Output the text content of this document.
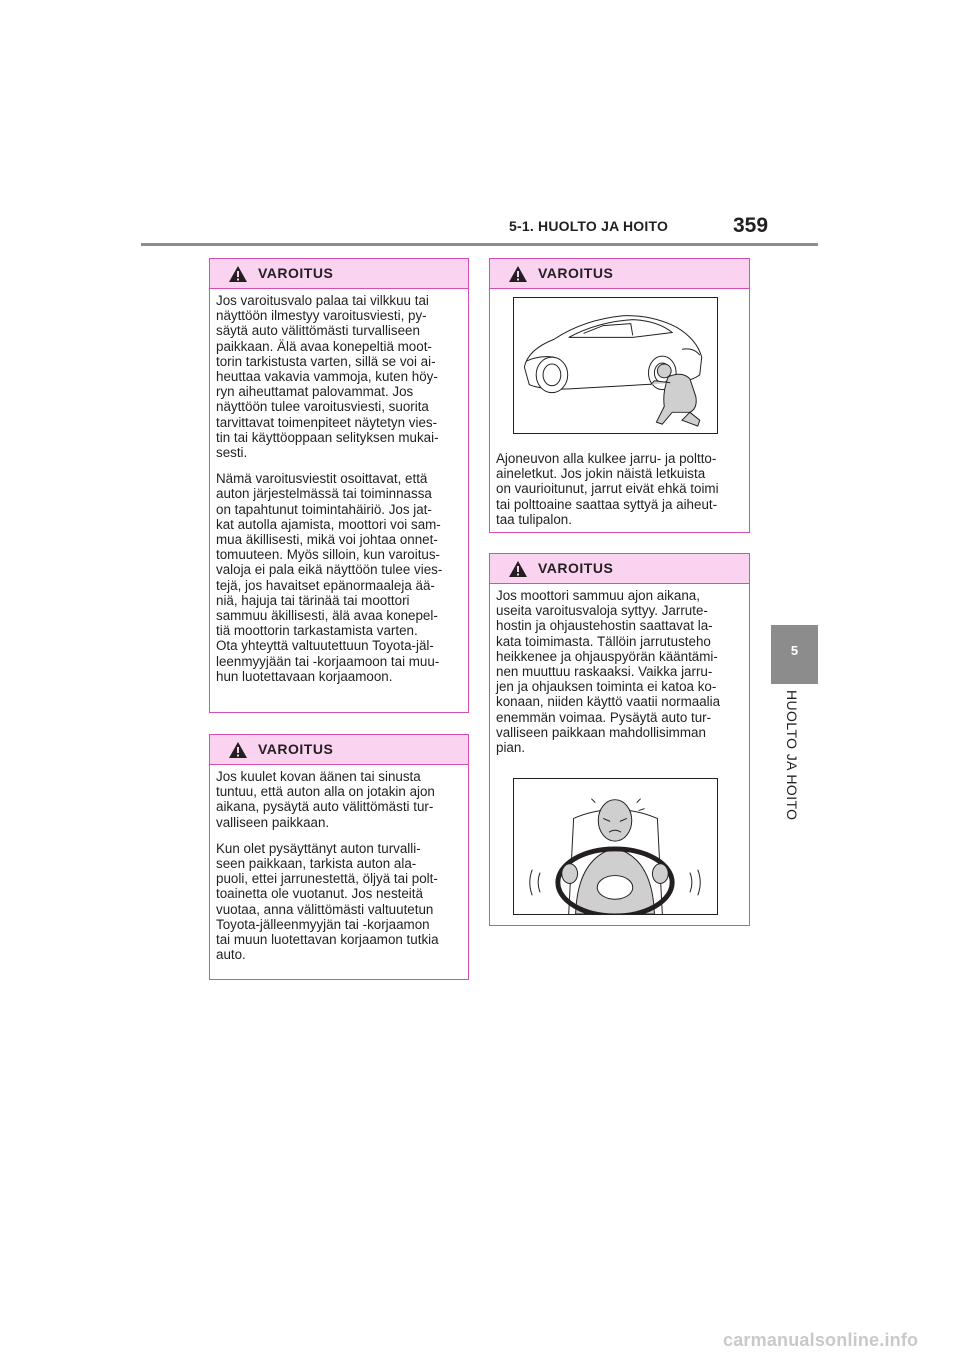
5-1. HUOLTO JA HOITO	359
5
HUOLTO JA HOITO
VAROITUS

Jos varoitusvalo palaa tai vilkkuu tai
näyttöön ilmestyy varoitusviesti, py-
säytä auto välittömästi turvalliseen
paikkaan. Älä avaa konepeltiä moot-
torin tarkistusta varten, sillä se voi ai-
heuttaa vakavia vammoja, kuten höy-
ryn aiheuttamat palovammat. Jos
näyttöön tulee varoitusviesti, suorita
tarvittavat toimenpiteet näytetyn vies-
tin tai käyttöoppaan selityksen mukai-
sesti.

Nämä varoitusviestit osoittavat, että
auton järjestelmässä tai toiminnassa
on tapahtunut toimintahäiriö. Jos jat-
kat autolla ajamista, moottori voi sam-
mua äkillisesti, mikä voi johtaa onnet-
tomuuteen. Myös silloin, kun varoitus-
valoja ei pala eikä näyttöön tulee vies-
tejä, jos havaitset epänormaaleja ää-
niä, hajuja tai tärinää tai moottori
sammuu äkillisesti, älä avaa konepel-
tiä moottorin tarkastamista varten.
Ota yhteyttä valtuutettuun Toyota-jäl-
leenmyyjään tai -korjaamoon tai muu-
hun luotettavaan korjaamoon.

VAROITUS

Jos kuulet kovan äänen tai sinusta
tuntuu, että auton alla on jotakin ajon
aikana, pysäytä auto välittömästi tur-
valliseen paikkaan.

Kun olet pysäyttänyt auton turvalli-
seen paikkaan, tarkista auton ala-
puoli, ettei jarrunestettä, öljyä tai polt-
toainetta ole vuotanut. Jos nesteitä
vuotaa, anna välittömästi valtuutetun
Toyota-jälleenmyyjän tai -korjaamon
tai muun luotettavan korjaamon tutkia
auto.

VAROITUS

Ajoneuvon alla kulkee jarru- ja poltto-
aineletkut. Jos jokin näistä letkuista
on vaurioitunut, jarrut eivät ehkä toimi
tai polttoaine saattaa syttyä ja aiheut-
taa tulipalon.

VAROITUS

Jos moottori sammuu ajon aikana,
useita varoitusvaloja syttyy. Jarrute-
hostin ja ohjaustehostin saattavat la-
kata toimimasta. Tällöin jarrutusteho
heikkenee ja ohjauspyörän kääntämi-
nen muuttuu raskaaksi. Vaikka jarru-
jen ja ohjauksen toiminta ei katoa ko-
konaan, niiden käyttö vaatii normaalia
enemmän voimaa. Pysäytä auto tur-
valliseen paikkaan mahdollisimman
pian.

carmanualsonline.info
